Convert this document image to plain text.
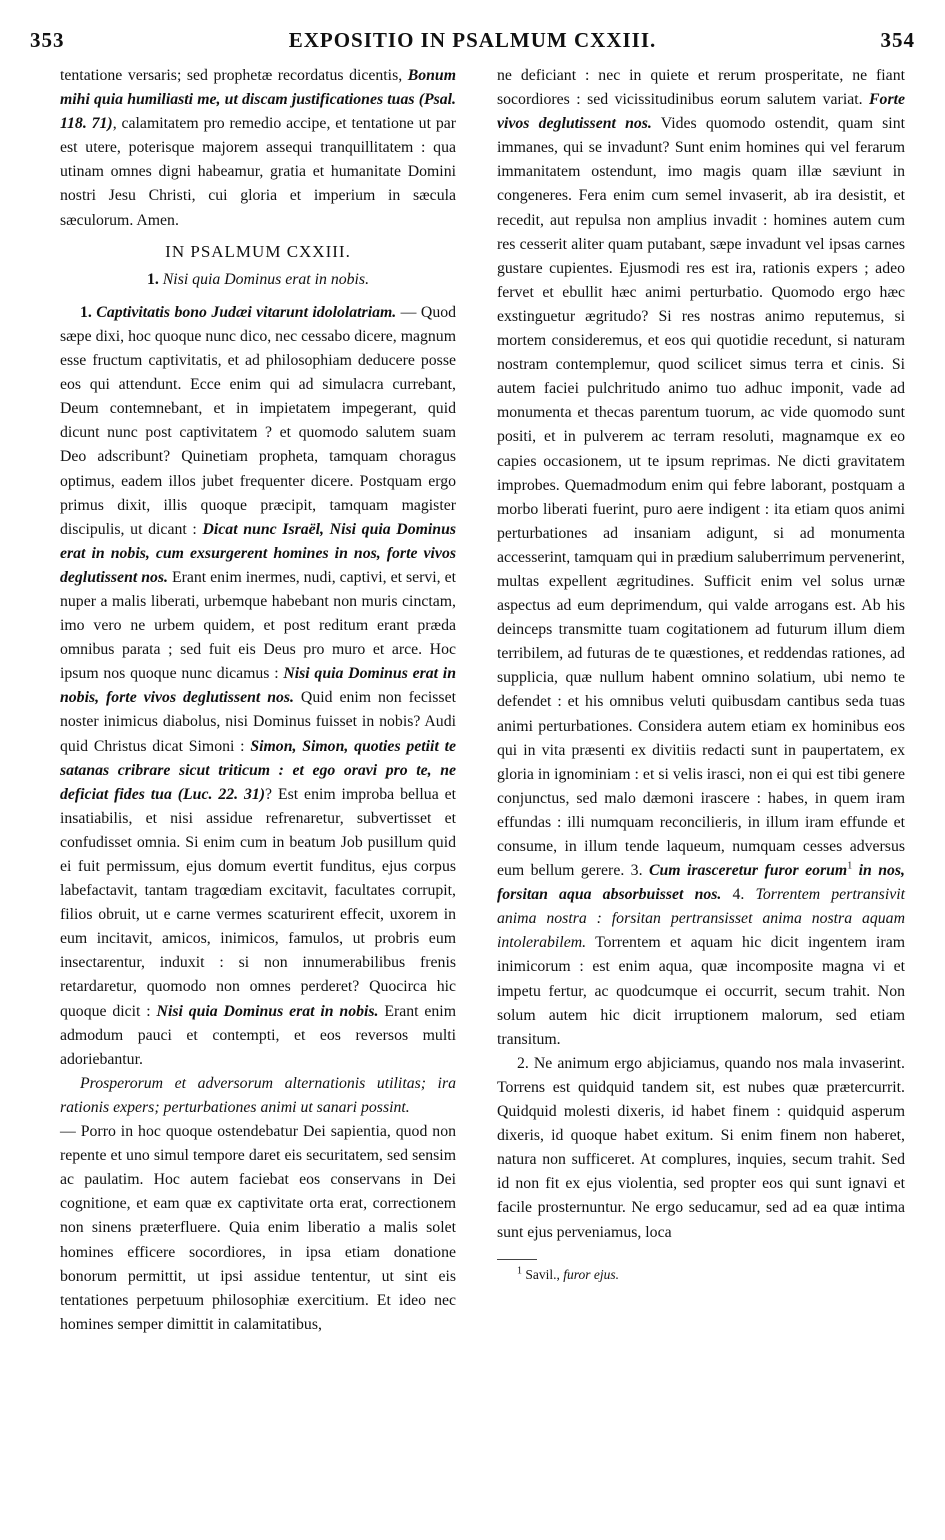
353	EXPOSITIO IN PSALMUM CXXIII.	354

tentatione versaris; sed prophetæ recordatus dicentis, Bonum mihi quia humiliasti me, ut discam justificationes tuas (Psal. 118. 71), calamitatem pro remedio accipe, et tentatione ut par est utere, poterisque majorem assequi tranquillitatem : qua utinam omnes digni habeamur, gratia et humanitate Domini nostri Jesu Christi, cui gloria et imperium in sæcula sæculorum. Amen.

IN PSALMUM CXXIII.
1. Nisi quia Dominus erat in nobis.

1. Captivitatis bono Judæi vitarunt idololatriam. — Quod sæpe dixi, hoc quoque nunc dico, nec cessabo dicere, magnum esse fructum captivitatis, et ad philosophiam deducere posse eos qui attendunt. Ecce enim qui ad simulacra currebant, Deum contemnebant, et in impietatem impegerant, quid dicunt nunc post captivitatem ? et quomodo salutem suam Deo adscribunt? Quinetiam propheta, tamquam choragus optimus, eadem illos jubet frequenter dicere. Postquam ergo primus dixit, illis quoque præcipit, tamquam magister discipulis, ut dicant : Dicat nunc Israël, Nisi quia Dominus erat in nobis, cum exsurgerent homines in nos, forte vivos deglutissent nos. Erant enim inermes, nudi, captivi, et servi, et nuper a malis liberati, urbemque habebant non muris cinctam, imo vero ne urbem quidem, et post reditum erant præda omnibus parata ; sed fuit eis Deus pro muro et arce. Hoc ipsum nos quoque nunc dicamus : Nisi quia Dominus erat in nobis, forte vivos deglutissent nos. Quid enim non fecisset noster inimicus diabolus, nisi Dominus fuisset in nobis? Audi quid Christus dicat Simoni : Simon, Simon, quoties petiit te satanas cribrare sicut triticum : et ego oravi pro te, ne deficiat fides tua (Luc. 22. 31)? Est enim improba bellua et insatiabilis, et nisi assidue refrenaretur, subvertisset et confudisset omnia. Si enim cum in beatum Job pusillum quid ei fuit permissum, ejus domum evertit funditus, ejus corpus labefactavit, tantam tragœdiam excitavit, facultates corrupit, filios obruit, ut e carne vermes scaturirent effecit, uxorem in eum incitavit, amicos, inimicos, famulos, ut probris eum insectarentur, induxit : si non innumerabilibus frenis retardaretur, quomodo non omnes perderet? Quocirca hic quoque dicit : Nisi quia Dominus erat in nobis. Erant enim admodum pauci et contempti, et eos reversos multi adoriebantur.

Prosperorum et adversorum alternationis utilitas; ira rationis expers; perturbationes animi ut sanari possint.
— Porro in hoc quoque ostendebatur Dei sapientia, quod non repente et uno simul tempore daret eis securitatem, sed sensim ac paulatim. Hoc autem faciebat eos conservans in Dei cognitione, et eam quæ ex captivitate orta erat, correctionem non sinens præterfluere. Quia enim liberatio a malis solet homines efficere socordiores, in ipsa etiam donatione bonorum permittit, ut ipsi assidue tententur, ut sint eis tentationes perpetuum philosophiæ exercitium. Et ideo nec homines semper dimittit in calamitatibus,

ne deficiant : nec in quiete et rerum prosperitate, ne fiant socordiores : sed vicissitudinibus eorum salutem variat. Forte vivos deglutissent nos. Vides quomodo ostendit, quam sint immanes, qui se invadunt? Sunt enim homines qui vel ferarum immanitatem ostendunt, imo magis quam illæ sæviunt in congeneres. Fera enim cum semel invaserit, ab ira desistit, et recedit, aut repulsa non amplius invadit : homines autem cum res cesserit aliter quam putabant, sæpe invadunt vel ipsas carnes gustare cupientes. Ejusmodi res est ira, rationis expers ; adeo fervet et ebullit hæc animi perturbatio. Quomodo ergo hæc exstinguetur ægritudo? Si res nostras animo reputemus, si mortem consideremus, et eos qui quotidie recedunt, si naturam nostram contemplemur, quod scilicet simus terra et cinis. Si autem faciei pulchritudo animo tuo adhuc imponit, vade ad monumenta et thecas parentum tuorum, ac vide quomodo sunt positi, et in pulverem ac terram resoluti, magnamque ex eo capies occasionem, ut te ipsum reprimas. Ne dicti gravitatem improbes. Quemadmodum enim qui febre laborant, postquam a morbo liberati fuerint, puro aere indigent : ita etiam quos animi perturbationes ad insaniam adigunt, si ad monumenta accesserint, tamquam qui in prædium saluberrimum pervenerint, multas expellent ægritudines. Sufficit enim vel solus urnæ aspectus ad eum deprimendum, qui valde arrogans est. Ab his deinceps transmitte tuam cogitationem ad futurum illum diem terribilem, ad futuras de te quæstiones, et reddendas rationes, ad supplicia, quæ nullum habent omnino solatium, ubi nemo te defendet : et his omnibus veluti quibusdam cantibus seda tuas animi perturbationes. Considera autem etiam ex hominibus eos qui in vita præsenti ex divitiis redacti sunt in paupertatem, ex gloria in ignominiam : et si velis irasci, non ei qui est tibi genere conjunctus, sed malo dæmoni irascere : habes, in quem iram effundas : illi numquam reconcilieris, in illum iram effunde et consume, in illum tende laqueum, numquam cesses adversus eum bellum gerere. 3. Cum irasceretur furor eorum$^1$ in nos, forsitan aqua absorbuisset nos. 4. Torrentem pertransivit anima nostra : forsitan pertransisset anima nostra aquam intolerabilem. Torrentem et aquam hic dicit ingentem iram inimicorum : est enim aqua, quæ incomposite magna vi et impetu fertur, ac quodcumque ei occurrit, secum trahit. Non solum autem hic dicit irruptionem malorum, sed etiam transitum.

2. Ne animum ergo abjiciamus, quando nos mala invaserint. Torrens est quidquid tandem sit, est nubes quæ prætercurrit. Quidquid molesti dixeris, id habet finem : quidquid asperum dixeris, id quoque habet exitum. Si enim finem non haberet, natura non sufficeret. At complures, inquies, secum trahit. Sed id non fit ex ejus violentia, sed propter eos qui sunt ignavi et facile prosternuntur. Ne ergo seducamur, sed ad ea quæ intima sunt ejus perveniamus, loca

$^1$ Savil., furor ejus.
